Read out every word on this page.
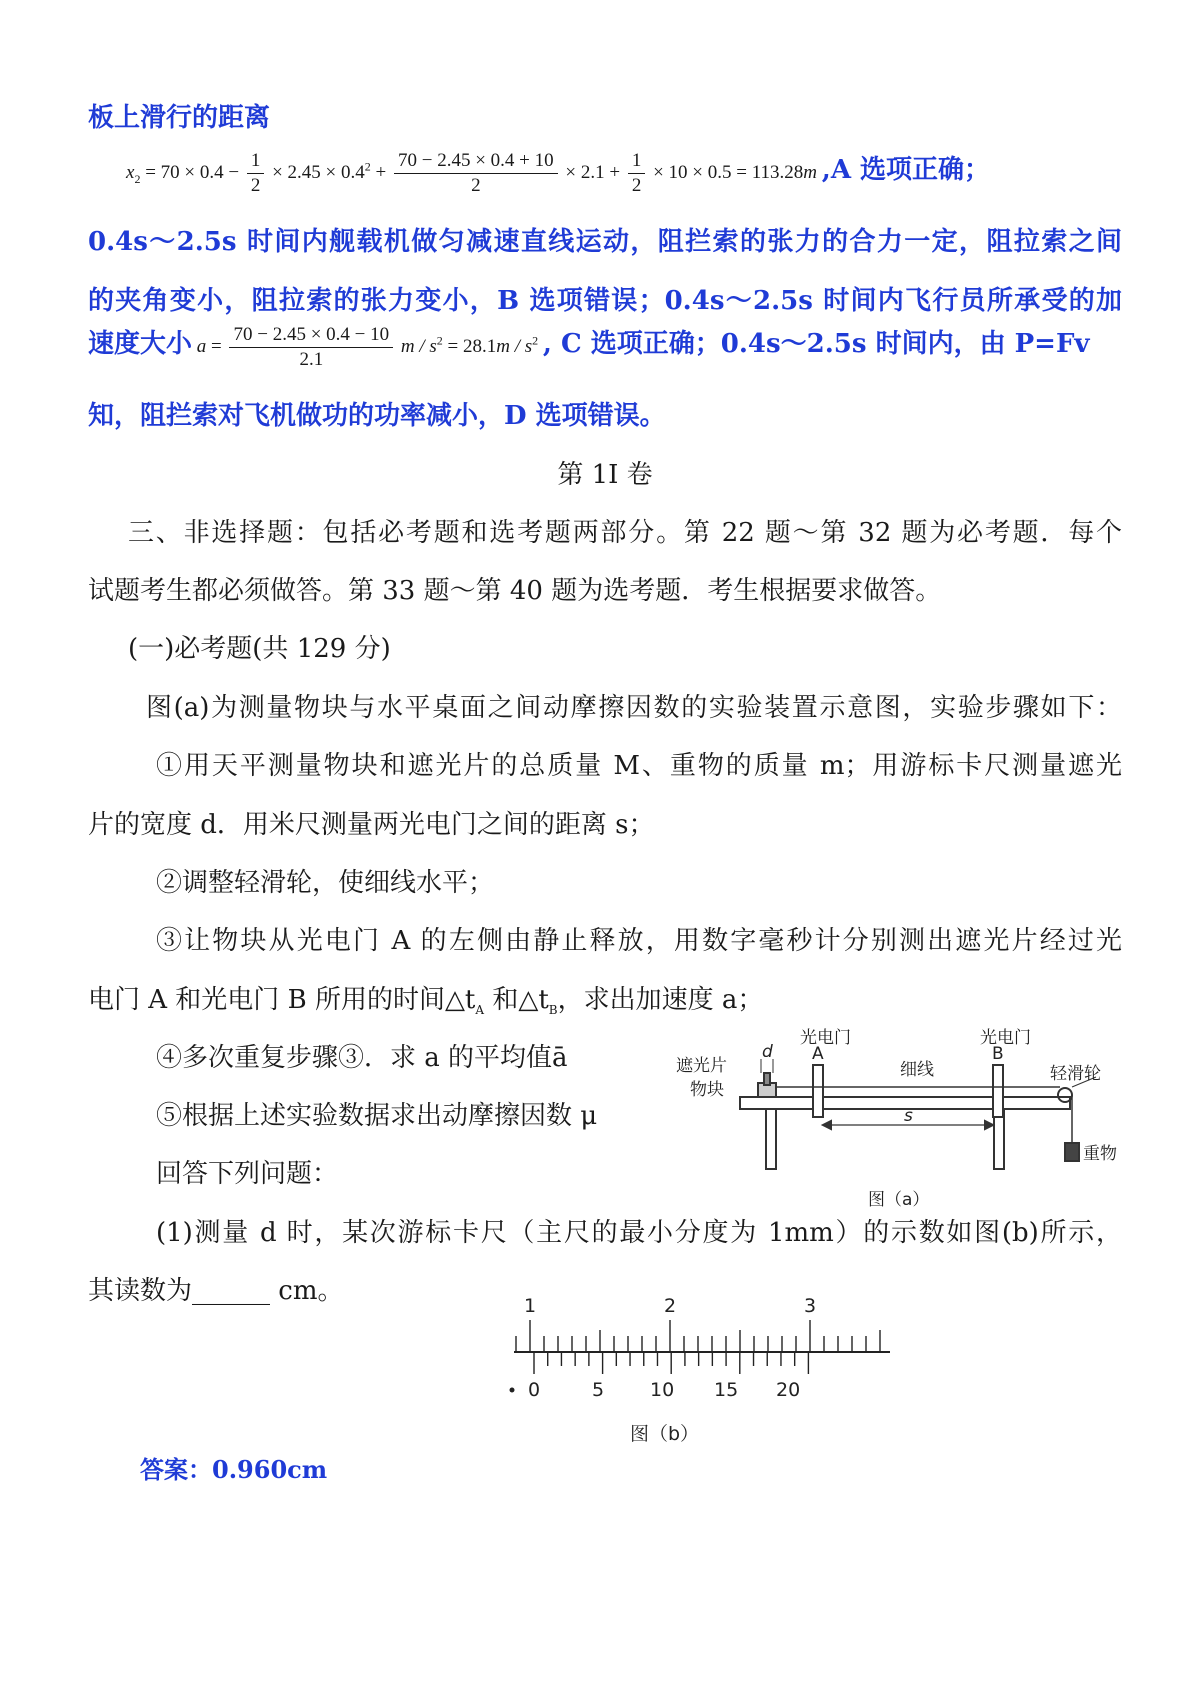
板上滑行的距离
$x_2 = 70 \times 0.4 - \frac{1}{2} \times 2.45 \times 0.4^2 + \frac{70 - 2.45 \times 0.4 + 10}{2} \times 2.1 + \frac{1}{2} \times 10 \times 0.5 = 113.28m$ ,A 选项正确；
0.4s～2.5s 时间内舰载机做匀减速直线运动，阻拦索的张力的合力一定，阻拉索之间
的夹角变小，阻拉索的张力变小，B 选项错误；0.4s～2.5s 时间内飞行员所承受的加
速度大小 $a = \frac{70 - 2.45 \times 0.4 - 10}{2.1}$ $m / s^2 = 28.1m / s^2$ , C 选项正确；0.4s～2.5s 时间内，由 P=Fv
知，阻拦索对飞机做功的功率减小，D 选项错误。
第 1I 卷
三、非选择题：包括必考题和选考题两部分。第 22 题～第 32 题为必考题．每个
试题考生都必须做答。第 33 题～第 40 题为选考题．考生根据要求做答。
(一)必考题(共 129 分)
图(a)为测量物块与水平桌面之间动摩擦因数的实验装置示意图，实验步骤如下：
①用天平测量物块和遮光片的总质量 M、重物的质量 m；用游标卡尺测量遮光
片的宽度 d．用米尺测量两光电门之间的距离 s；
②调整轻滑轮，使细线水平；
③让物块从光电门 A 的左侧由静止释放，用数字毫秒计分别测出遮光片经过光
电门 A 和光电门 B 所用的时间$\triangle t_A$ 和$\triangle t_B$，求出加速度 a；
④多次重复步骤③．求 a 的平均值ā
⑤根据上述实验数据求出动摩擦因数 μ
回答下列问题：
(1)测量 d 时，某次游标卡尺（主尺的最小分度为 1mm）的示数如图(b)所示，
其读数为______ cm。
答案：0.960cm
光电门
A
光电门
B
遮光片
物块
d
细线	轻滑轮
s
重物
图（a）
1	2	3
0	5 10 15 20
图（b）
